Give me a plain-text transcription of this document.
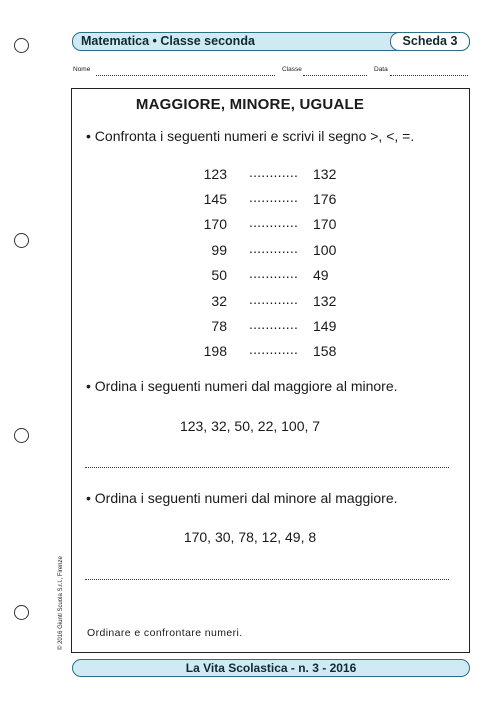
Matematica • Classe seconda	Scheda 3
Nome	Classe	Data
MAGGIORE, MINORE, UGUALE
• Confronta i seguenti numeri e scrivi il segno >, <, =.
123 ............ 132
145 ............ 176
170 ............ 170
99 ............ 100
50 ............ 49
32 ............ 132
78 ............ 149
198 ............ 158
• Ordina i seguenti numeri dal maggiore al minore.
123, 32, 50, 22, 100, 7
• Ordina i seguenti numeri dal minore al maggiore.
170, 30, 78, 12, 49, 8
Ordinare e confrontare numeri.
© 2016 Giunti Scuola S.r.l., Firenze
La Vita Scolastica - n. 3 - 2016
